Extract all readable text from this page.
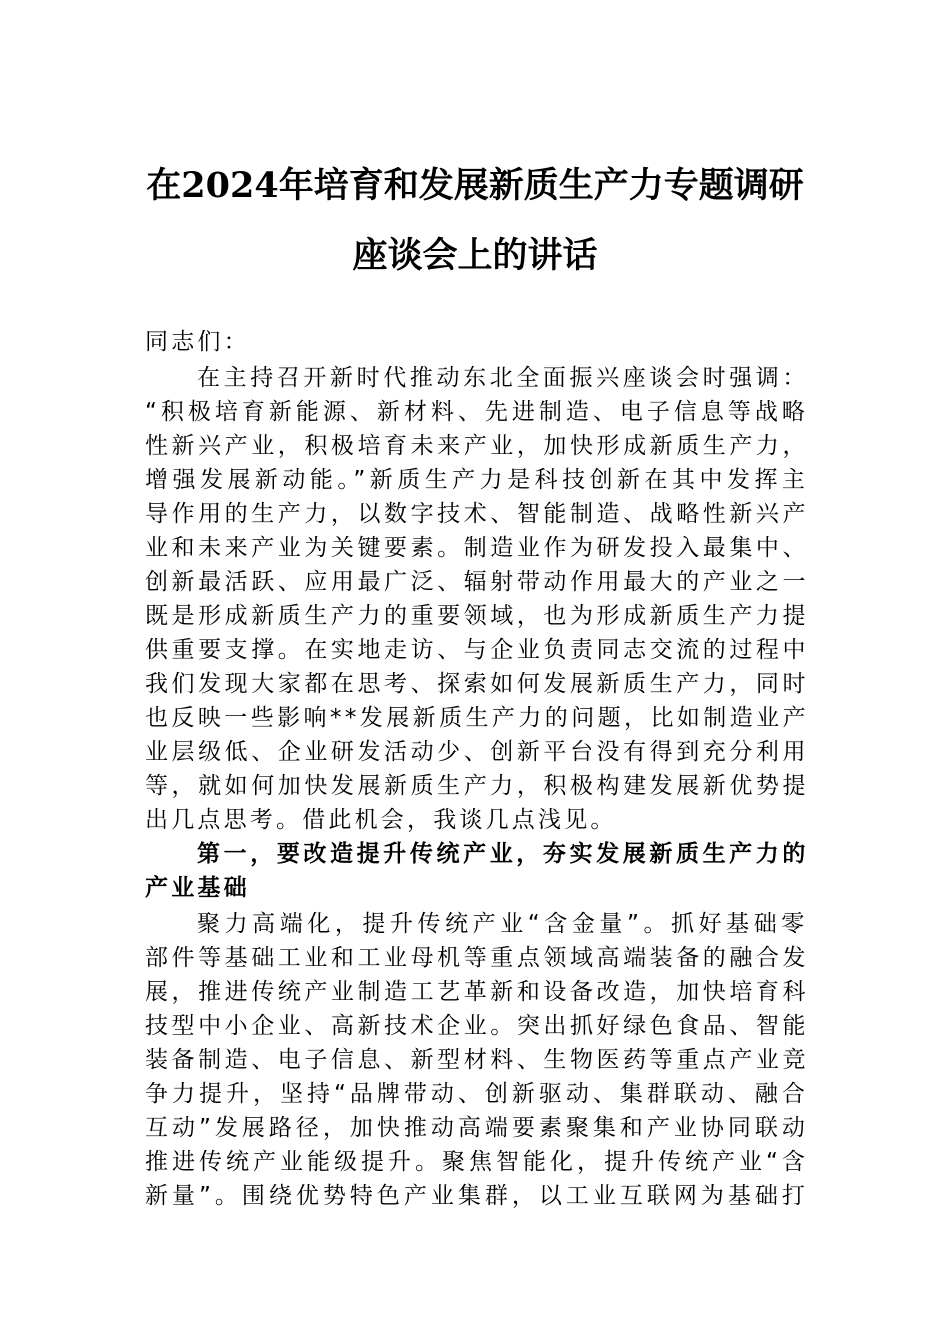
在2024年培育和发展新质生产力专题调研
座谈会上的讲话
同志们：
在主持召开新时代推动东北全面振兴座谈会时强调：
“积极培育新能源、新材料、先进制造、电子信息等战略
性新兴产业，积极培育未来产业，加快形成新质生产力，
增强发展新动能。”新质生产力是科技创新在其中发挥主
导作用的生产力，以数字技术、智能制造、战略性新兴产
业和未来产业为关键要素。制造业作为研发投入最集中、
创新最活跃、应用最广泛、辐射带动作用最大的产业之一
既是形成新质生产力的重要领域，也为形成新质生产力提
供重要支撑。在实地走访、与企业负责同志交流的过程中
我们发现大家都在思考、探索如何发展新质生产力，同时
也反映一些影响**发展新质生产力的问题，比如制造业产
业层级低、企业研发活动少、创新平台没有得到充分利用
等，就如何加快发展新质生产力，积极构建发展新优势提
出几点思考。借此机会，我谈几点浅见。
第一，要改造提升传统产业，夯实发展新质生产力的
产业基础
聚力高端化，提升传统产业“含金量”。抓好基础零
部件等基础工业和工业母机等重点领域高端装备的融合发
展，推进传统产业制造工艺革新和设备改造，加快培育科
技型中小企业、高新技术企业。突出抓好绿色食品、智能
装备制造、电子信息、新型材料、生物医药等重点产业竞
争力提升，坚持“品牌带动、创新驱动、集群联动、融合
互动”发展路径，加快推动高端要素聚集和产业协同联动
推进传统产业能级提升。聚焦智能化，提升传统产业“含
新量”。围绕优势特色产业集群，以工业互联网为基础打
